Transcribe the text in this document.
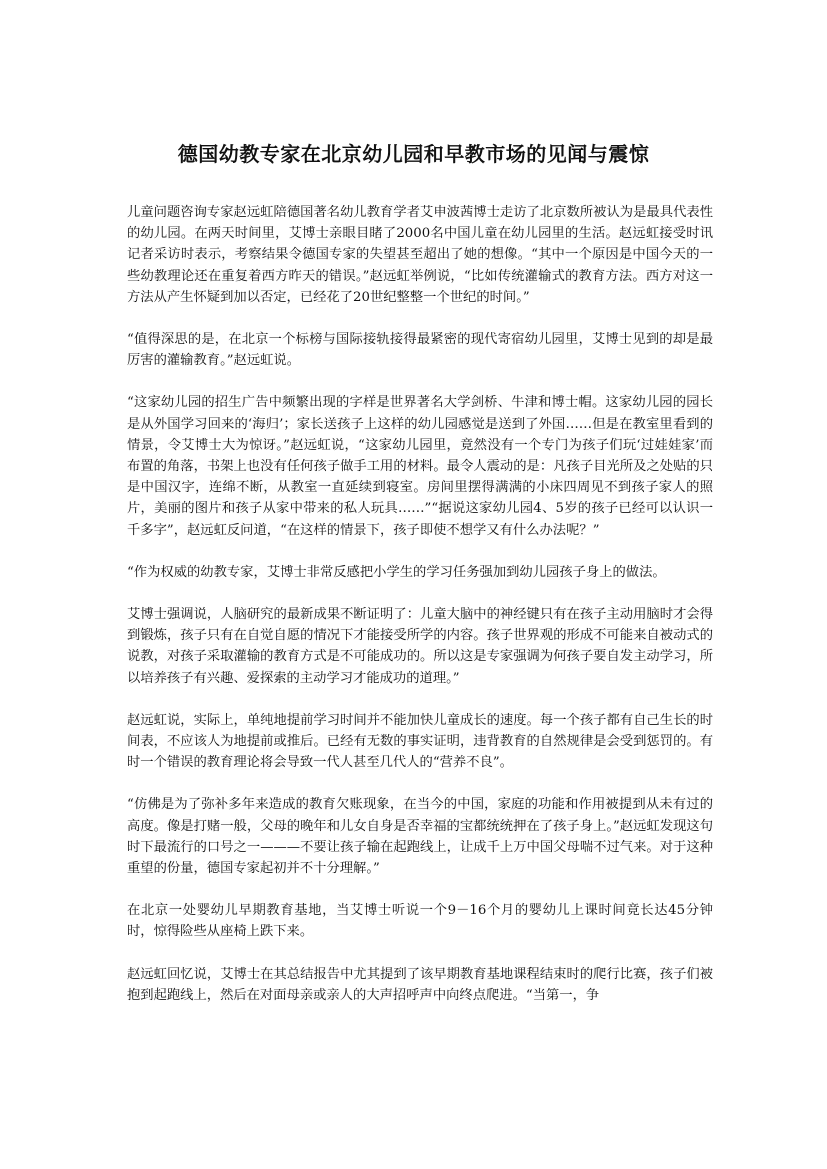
德国幼教专家在北京幼儿园和早教市场的见闻与震惊

儿童问题咨询专家赵远虹陪德国著名幼儿教育学者艾申波茜博士走访了北京数所被认为是最具代表性的幼儿园。在两天时间里，艾博士亲眼目睹了2000名中国儿童在幼儿园里的生活。赵远虹接受时讯记者采访时表示，考察结果令德国专家的失望甚至超出了她的想像。“其中一个原因是中国今天的一些幼教理论还在重复着西方昨天的错误。”赵远虹举例说，“比如传统灌输式的教育方法。西方对这一方法从产生怀疑到加以否定，已经花了20世纪整整一个世纪的时间。”

“值得深思的是，在北京一个标榜与国际接轨接得最紧密的现代寄宿幼儿园里，艾博士见到的却是最厉害的灌输教育。”赵远虹说。

“这家幼儿园的招生广告中频繁出现的字样是世界著名大学剑桥、牛津和博士帽。这家幼儿园的园长是从外国学习回来的‘海归’；家长送孩子上这样的幼儿园感觉是送到了外国……但是在教室里看到的情景，令艾博士大为惊讶。”赵远虹说，“这家幼儿园里，竟然没有一个专门为孩子们玩‘过娃娃家’而布置的角落，书架上也没有任何孩子做手工用的材料。最令人震动的是：凡孩子目光所及之处贴的只是中国汉字，连绵不断，从教室一直延续到寝室。房间里摆得满满的小床四周见不到孩子家人的照片，美丽的图片和孩子从家中带来的私人玩具……”“据说这家幼儿园4、5岁的孩子已经可以认识一千多字”，赵远虹反问道，“在这样的情景下，孩子即使不想学又有什么办法呢？”

“作为权威的幼教专家，艾博士非常反感把小学生的学习任务强加到幼儿园孩子身上的做法。

艾博士强调说，人脑研究的最新成果不断证明了：儿童大脑中的神经键只有在孩子主动用脑时才会得到锻炼，孩子只有在自觉自愿的情况下才能接受所学的内容。孩子世界观的形成不可能来自被动式的说教，对孩子采取灌输的教育方式是不可能成功的。所以这是专家强调为何孩子要自发主动学习，所以培养孩子有兴趣、爱探索的主动学习才能成功的道理。”

赵远虹说，实际上，单纯地提前学习时间并不能加快儿童成长的速度。每一个孩子都有自己生长的时间表，不应该人为地提前或推后。已经有无数的事实证明，违背教育的自然规律是会受到惩罚的。有时一个错误的教育理论将会导致一代人甚至几代人的“营养不良”。

“仿佛是为了弥补多年来造成的教育欠账现象，在当今的中国，家庭的功能和作用被提到从未有过的高度。像是打赌一般，父母的晚年和儿女自身是否幸福的宝都统统押在了孩子身上。”赵远虹发现这句时下最流行的口号之一———不要让孩子输在起跑线上，让成千上万中国父母喘不过气来。对于这种重望的份量，德国专家起初并不十分理解。”

在北京一处婴幼儿早期教育基地，当艾博士听说一个9－16个月的婴幼儿上课时间竟长达45分钟时，惊得险些从座椅上跌下来。

赵远虹回忆说，艾博士在其总结报告中尤其提到了该早期教育基地课程结束时的爬行比赛，孩子们被抱到起跑线上，然后在对面母亲或亲人的大声招呼声中向终点爬进。“当第一，争
